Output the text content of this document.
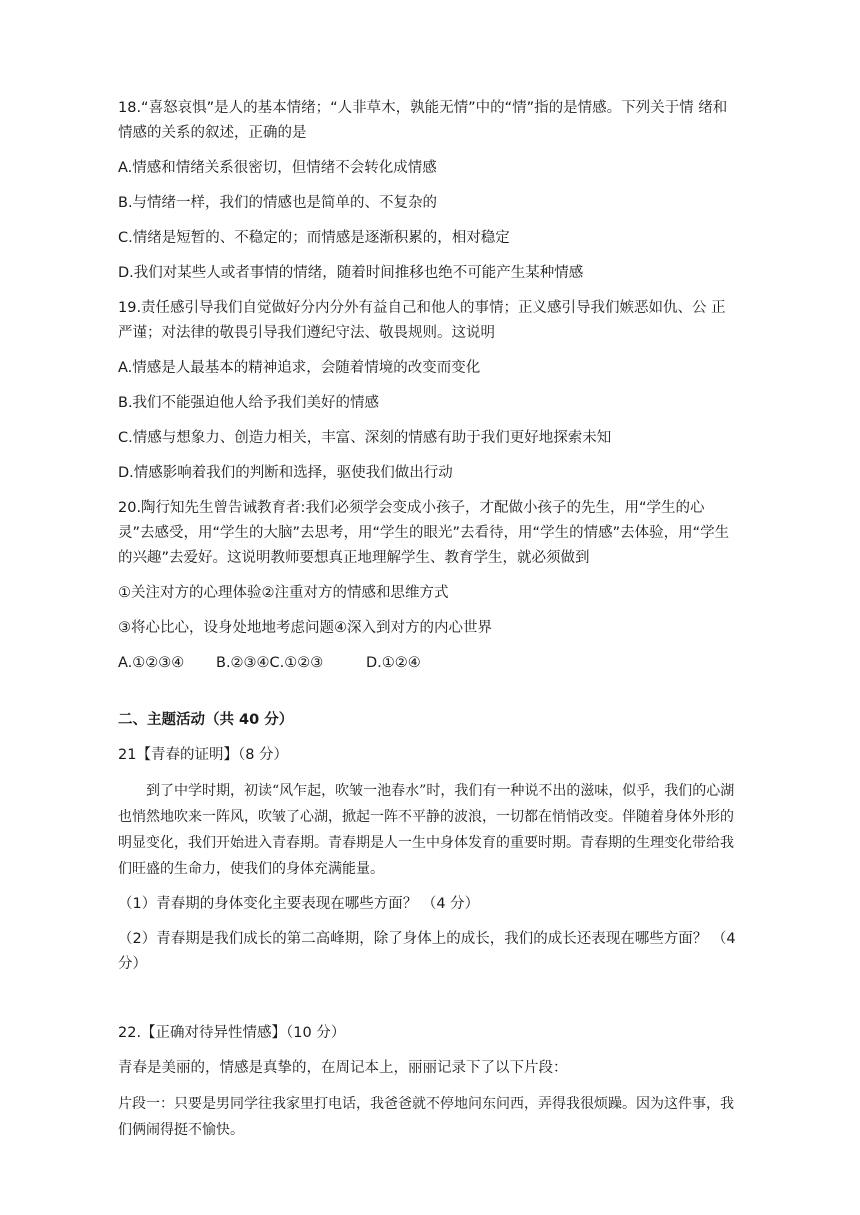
18.“喜怒哀惧”是人的基本情绪；“人非草木，孰能无情”中的“情”指的是情感。下列关于情 绪和情感的关系的叙述，正确的是

A.情感和情绪关系很密切，但情绪不会转化成情感

B.与情绪一样，我们的情感也是简单的、不复杂的

C.情绪是短暂的、不稳定的；而情感是逐渐积累的，相对稳定

D.我们对某些人或者事情的情绪，随着时间推移也绝不可能产生某种情感

19.责任感引导我们自觉做好分内分外有益自己和他人的事情；正义感引导我们嫉恶如仇、公 正严谨；对法律的敬畏引导我们遵纪守法、敬畏规则。这说明

A.情感是人最基本的精神追求，会随着情境的改变而变化

B.我们不能强迫他人给予我们美好的情感

C.情感与想象力、创造力相关，丰富、深刻的情感有助于我们更好地探索未知

D.情感影响着我们的判断和选择，驱使我们做出行动

20.陶行知先生曾告诫教育者:我们必须学会变成小孩子，才配做小孩子的先生，用“学生的心灵”去感受，用“学生的大脑”去思考，用“学生的眼光”去看待，用“学生的情感”去体验，用“学生的兴趣”去爱好。这说明教师要想真正地理解学生、教育学生，就必须做到

①关注对方的心理体验②注重对方的情感和思维方式

③将心比心，设身处地地考虑问题④深入到对方的内心世界

A.①②③④ B.②③④C.①②③	D.①②④

二、主题活动（共 40 分）

21【青春的证明】（8 分）

到了中学时期，初读“风乍起，吹皱一池春水”时，我们有一种说不出的滋味，似乎，我们的心湖也悄然地吹来一阵风，吹皱了心湖，掀起一阵不平静的波浪，一切都在悄悄改变。伴随着身体外形的明显变化，我们开始进入青春期。青春期是人一生中身体发育的重要时期。青春期的生理变化带给我们旺盛的生命力，使我们的身体充满能量。

（1）青春期的身体变化主要表现在哪些方面？ （4 分）

（2）青春期是我们成长的第二高峰期，除了身体上的成长，我们的成长还表现在哪些方面？ （4 分）

22.【正确对待异性情感】（10 分）

青春是美丽的，情感是真挚的，在周记本上，丽丽记录下了以下片段：

片段一：只要是男同学往我家里打电话，我爸爸就不停地问东问西，弄得我很烦躁。因为这件事，我们俩闹得挺不愉快。
